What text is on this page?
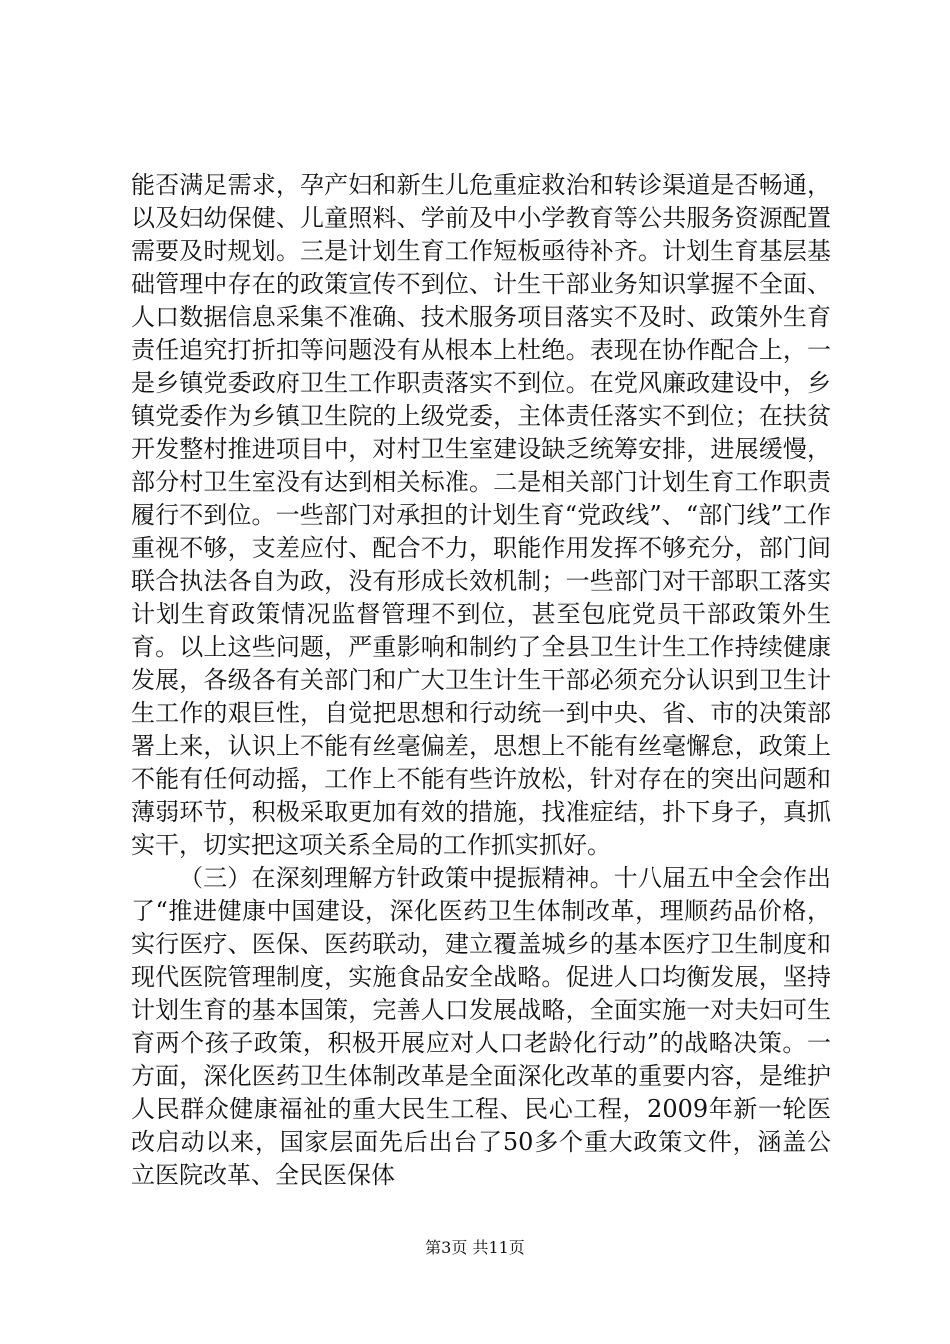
能否满足需求，孕产妇和新生儿危重症救治和转诊渠道是否畅通，以及妇幼保健、儿童照料、学前及中小学教育等公共服务资源配置需要及时规划。三是计划生育工作短板亟待补齐。计划生育基层基础管理中存在的政策宣传不到位、计生干部业务知识掌握不全面、人口数据信息采集不准确、技术服务项目落实不及时、政策外生育责任追究打折扣等问题没有从根本上杜绝。表现在协作配合上，一是乡镇党委政府卫生工作职责落实不到位。在党风廉政建设中，乡镇党委作为乡镇卫生院的上级党委，主体责任落实不到位；在扶贫开发整村推进项目中，对村卫生室建设缺乏统筹安排，进展缓慢，部分村卫生室没有达到相关标准。二是相关部门计划生育工作职责履行不到位。一些部门对承担的计划生育“党政线”、“部门线”工作重视不够，支差应付、配合不力，职能作用发挥不够充分，部门间联合执法各自为政，没有形成长效机制；一些部门对干部职工落实计划生育政策情况监督管理不到位，甚至包庇党员干部政策外生育。以上这些问题，严重影响和制约了全县卫生计生工作持续健康发展，各级各有关部门和广大卫生计生干部必须充分认识到卫生计生工作的艰巨性，自觉把思想和行动统一到中央、省、市的决策部署上来，认识上不能有丝毫偏差，思想上不能有丝毫懈怠，政策上不能有任何动摇，工作上不能有些许放松，针对存在的突出问题和薄弱环节，积极采取更加有效的措施，找准症结，扑下身子，真抓实干，切实把这项关系全局的工作抓实抓好。

（三）在深刻理解方针政策中提振精神。十八届五中全会作出了“推进健康中国建设，深化医药卫生体制改革，理顺药品价格，实行医疗、医保、医药联动，建立覆盖城乡的基本医疗卫生制度和现代医院管理制度，实施食品安全战略。促进人口均衡发展，坚持计划生育的基本国策，完善人口发展战略，全面实施一对夫妇可生育两个孩子政策，积极开展应对人口老龄化行动”的战略决策。一方面，深化医药卫生体制改革是全面深化改革的重要内容，是维护人民群众健康福祉的重大民生工程、民心工程，2009年新一轮医改启动以来，国家层面先后出台了50多个重大政策文件，涵盖公立医院改革、全民医保体

第3页 共11页
